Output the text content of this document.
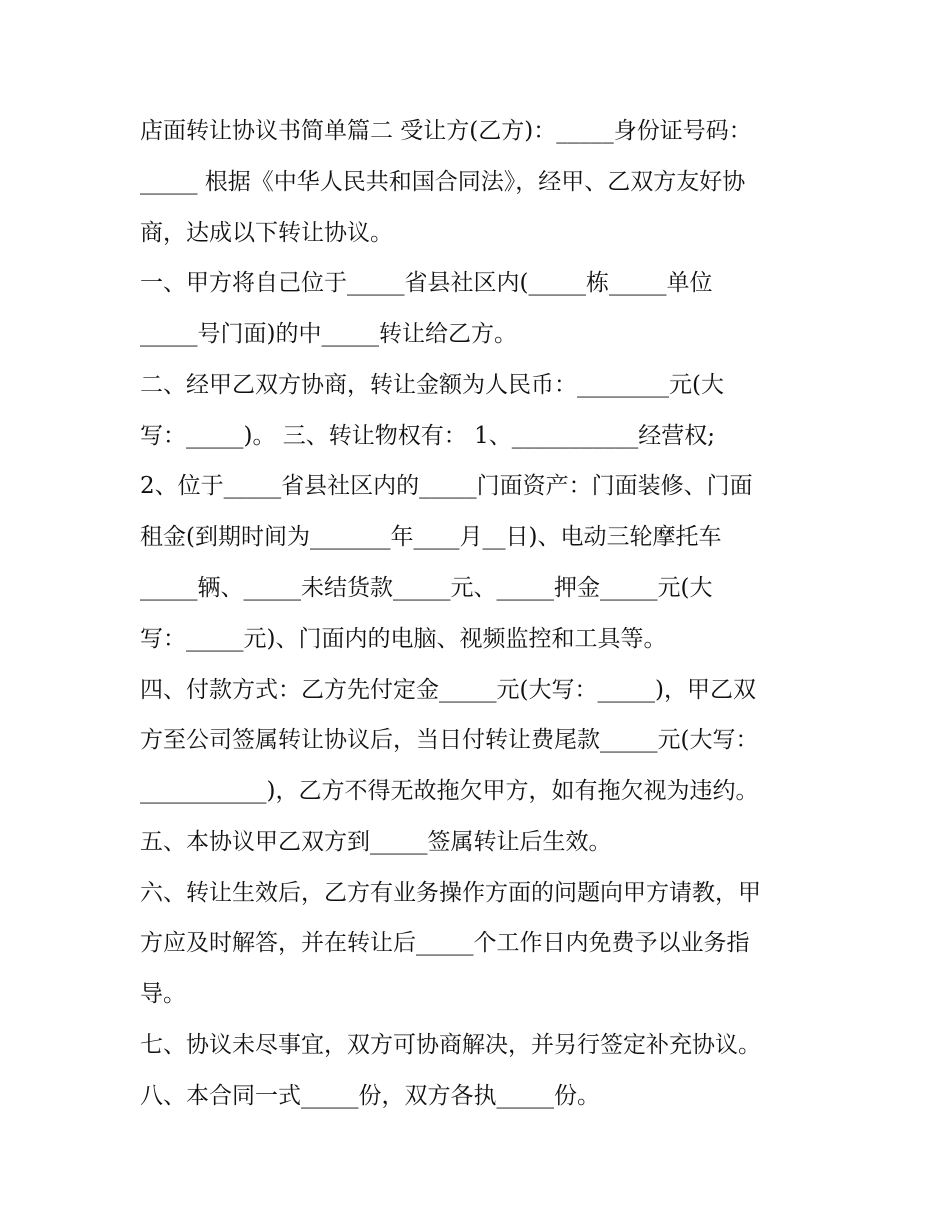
店面转让协议书简单篇二 受让方(乙方)：_____身份证号码：
_____ 根据《中华人民共和国合同法》，经甲、乙双方友好协
商，达成以下转让协议。
一、甲方将自己位于_____省县社区内(_____栋_____单位
_____号门面)的中_____转让给乙方。
二、经甲乙双方协商，转让金额为人民币：________元(大
写：_____)。 三、转让物权有： 1、___________经营权;
2、位于_____省县社区内的_____门面资产：门面装修、门面
租金(到期时间为_______年____月__日)、电动三轮摩托车
_____辆、_____未结货款_____元、_____押金_____元(大
写：_____元)、门面内的电脑、视频监控和工具等。
四、付款方式：乙方先付定金_____元(大写：_____)，甲乙双
方至公司签属转让协议后，当日付转让费尾款_____元(大写：
___________)，乙方不得无故拖欠甲方，如有拖欠视为违约。
五、本协议甲乙双方到_____签属转让后生效。
六、转让生效后，乙方有业务操作方面的问题向甲方请教，甲
方应及时解答，并在转让后_____个工作日内免费予以业务指
导。
七、协议未尽事宜，双方可协商解决，并另行签定补充协议。
八、本合同一式_____份，双方各执_____份。
